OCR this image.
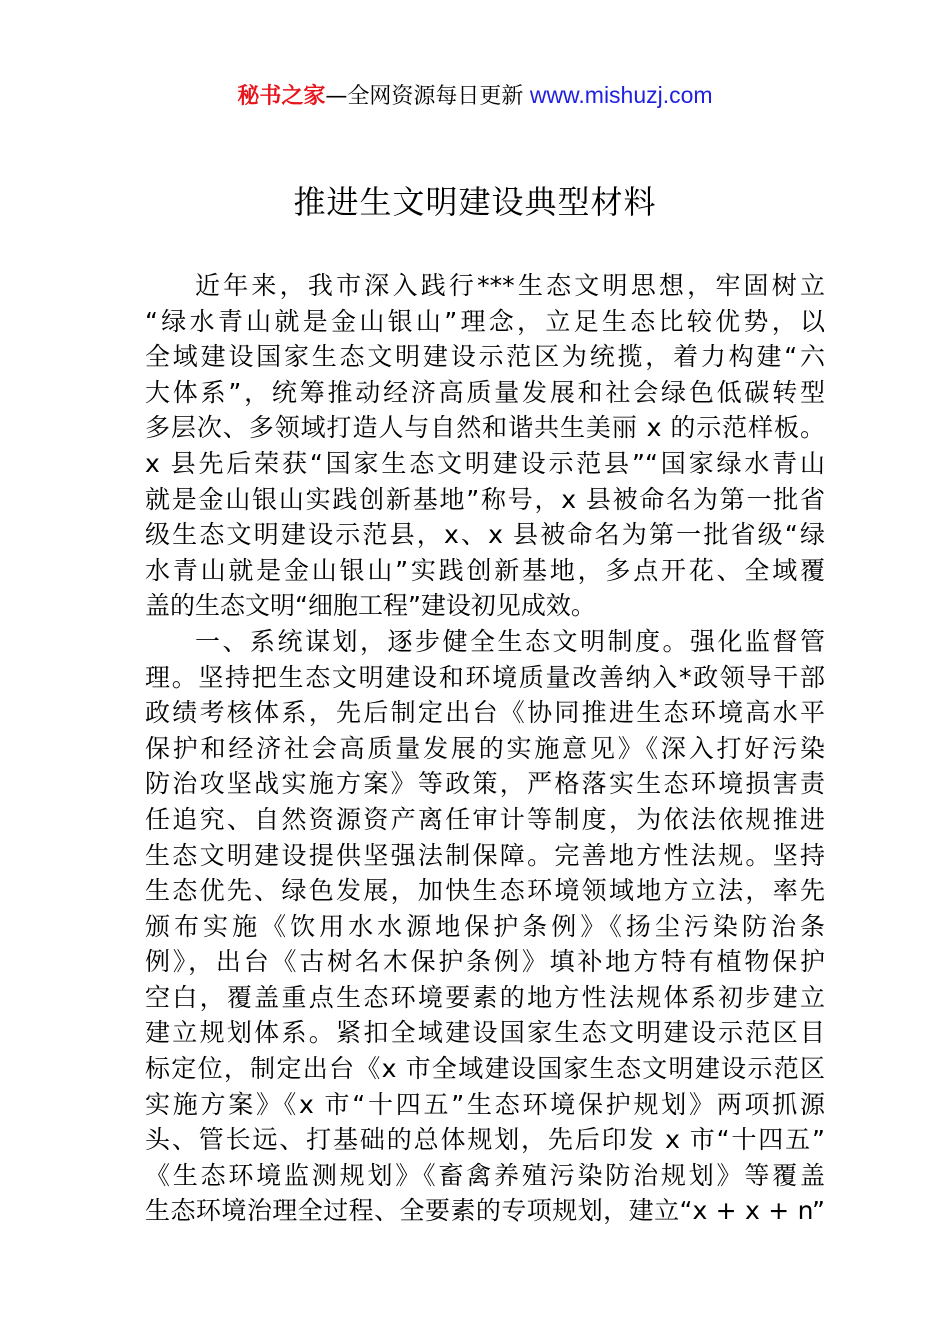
秘书之家—全网资源每日更新 www.mishuzj.com
推进生文明建设典型材料
近年来，我市深入践行***生态文明思想，牢固树立
“绿水青山就是金山银山”理念，立足生态比较优势，以
全域建设国家生态文明建设示范区为统揽，着力构建“六
大体系”，统筹推动经济高质量发展和社会绿色低碳转型
多层次、多领域打造人与自然和谐共生美丽 x 的示范样板。
x 县先后荣获“国家生态文明建设示范县”“国家绿水青山
就是金山银山实践创新基地”称号，x 县被命名为第一批省
级生态文明建设示范县，x、x 县被命名为第一批省级“绿
水青山就是金山银山”实践创新基地，多点开花、全域覆
盖的生态文明“细胞工程”建设初见成效。
一、系统谋划，逐步健全生态文明制度。强化监督管
理。坚持把生态文明建设和环境质量改善纳入*政领导干部
政绩考核体系，先后制定出台《协同推进生态环境高水平
保护和经济社会高质量发展的实施意见》《深入打好污染
防治攻坚战实施方案》等政策，严格落实生态环境损害责
任追究、自然资源资产离任审计等制度，为依法依规推进
生态文明建设提供坚强法制保障。完善地方性法规。坚持
生态优先、绿色发展，加快生态环境领域地方立法，率先
颁布实施《饮用水水源地保护条例》《扬尘污染防治条
例》，出台《古树名木保护条例》填补地方特有植物保护
空白，覆盖重点生态环境要素的地方性法规体系初步建立
建立规划体系。紧扣全域建设国家生态文明建设示范区目
标定位，制定出台《x 市全域建设国家生态文明建设示范区
实施方案》《x 市“十四五”生态环境保护规划》两项抓源
头、管长远、打基础的总体规划，先后印发 x 市“十四五”
《生态环境监测规划》《畜禽养殖污染防治规划》等覆盖
生态环境治理全过程、全要素的专项规划，建立“x + x + n”
